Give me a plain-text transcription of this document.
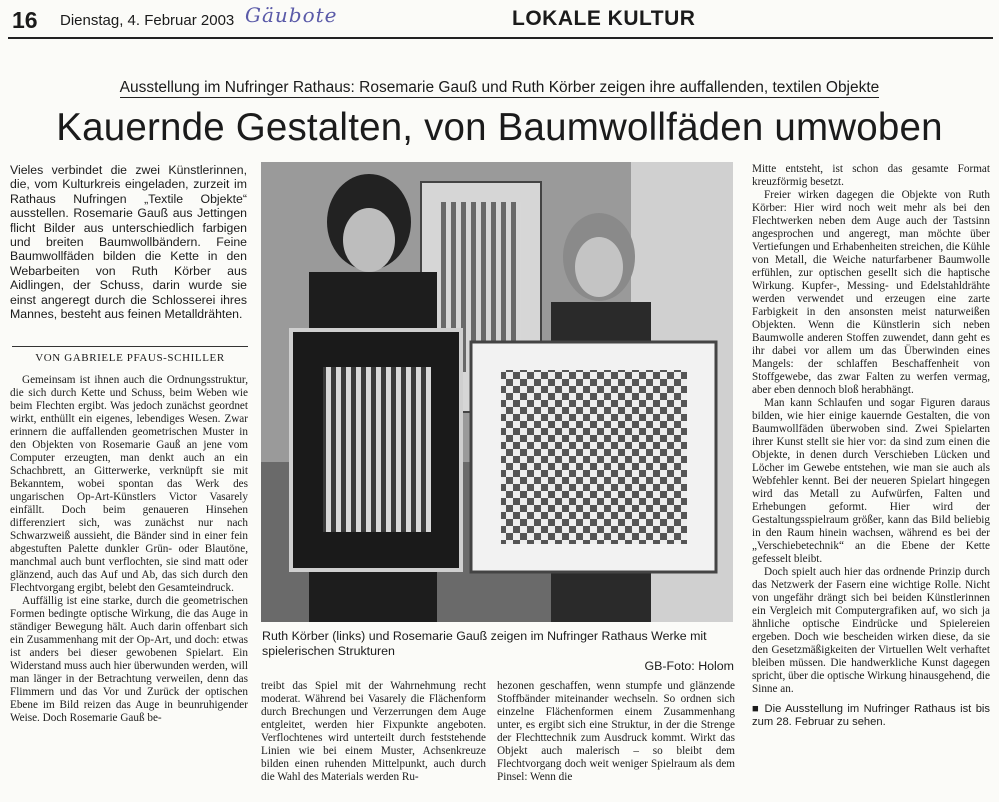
16 Dienstag, 4. Februar 2003 Gäubote	LOKALE KULTUR
Ausstellung im Nufringer Rathaus: Rosemarie Gauß und Ruth Körber zeigen ihre auffallenden, textilen Objekte
Kauernde Gestalten, von Baumwollfäden umwoben
Vieles verbindet die zwei Künstlerinnen, die, vom Kulturkreis eingeladen, zurzeit im Rathaus Nufringen „Textile Objekte“ ausstellen. Rosemarie Gauß aus Jettingen flicht Bilder aus unterschiedlich farbigen und breiten Baumwollbändern. Feine Baumwollfäden bilden die Kette in den Webarbeiten von Ruth Körber aus Aidlingen, der Schuss, darin wurde sie einst angeregt durch die Schlosserei ihres Mannes, besteht aus feinen Metalldrähten.
VON GABRIELE PFAUS-SCHILLER

Gemeinsam ist ihnen auch die Ordnungsstruktur, die sich durch Kette und Schuss, beim Weben wie beim Flechten ergibt. Was jedoch zunächst geordnet wirkt, enthüllt ein eigenes, lebendiges Wesen. Zwar erinnern die auffallenden geometrischen Muster in den Objekten von Rosemarie Gauß an jene vom Computer erzeugten, man denkt auch an ein Schachbrett, an Gitterwerke, verknüpft sie mit Bekanntem, wobei spontan das Werk des ungarischen Op-Art-Künstlers Victor Vasarely einfällt. Doch beim genaueren Hinsehen differenziert sich, was zunächst nur nach Schwarzweiß aussieht, die Bänder sind in einer fein abgestuften Palette dunkler Grün- oder Blautöne, manchmal auch bunt verflochten, sie sind matt oder glänzend, auch das Auf und Ab, das sich durch den Flechtvorgang ergibt, belebt den Gesamteindruck.

Auffällig ist eine starke, durch die geometrischen Formen bedingte optische Wirkung, die das Auge in ständiger Bewegung hält. Auch darin offenbart sich ein Zusammenhang mit der Op-Art, und doch: etwas ist anders bei dieser gewobenen Spielart. Ein Widerstand muss auch hier überwunden werden, will man länger in der Betrachtung verweilen, denn das Flimmern und das Vor und Zurück der optischen Ebene im Bild reizen das Auge in beunruhigender Weise. Doch Rosemarie Gauß be-

Ruth Körber (links) und Rosemarie Gauß zeigen im Nufringer Rathaus Werke mit spielerischen Strukturen
GB-Foto: Holom

treibt das Spiel mit der Wahrnehmung recht moderat. Während bei Vasarely die Flächenform durch Brechungen und Verzerrungen dem Auge entgleitet, werden hier Fixpunkte angeboten. Verflochtenes wird unterteilt durch feststehende Linien wie bei einem Muster, Achsenkreuze bilden einen ruhenden Mittelpunkt, auch durch die Wahl des Materials werden Ru-

hezonen geschaffen, wenn stumpfe und glänzende Stoffbänder miteinander wechseln. So ordnen sich einzelne Flächenformen einem Zusammenhang unter, es ergibt sich eine Struktur, in der die Strenge der Flechttechnik zum Ausdruck kommt. Wirkt das Objekt auch malerisch – so bleibt dem Flechtvorgang doch weit weniger Spielraum als dem Pinsel: Wenn die

Mitte entsteht, ist schon das gesamte Format kreuzförmig besetzt.

Freier wirken dagegen die Objekte von Ruth Körber: Hier wird noch weit mehr als bei den Flechtwerken neben dem Auge auch der Tastsinn angesprochen und angeregt, man möchte über Vertiefungen und Erhabenheiten streichen, die Kühle von Metall, die Weiche naturfarbener Baumwolle erfühlen, zur optischen gesellt sich die haptische Wirkung. Kupfer-, Messing- und Edelstahldrähte werden verwendet und erzeugen eine zarte Farbigkeit in den ansonsten meist naturweißen Objekten. Wenn die Künstlerin sich neben Baumwolle anderen Stoffen zuwendet, dann geht es ihr dabei vor allem um das Überwinden eines Mangels: der schlaffen Beschaffenheit von Stoffgewebe, das zwar Falten zu werfen vermag, aber eben dennoch bloß herabhängt.

Man kann Schlaufen und sogar Figuren daraus bilden, wie hier einige kauernde Gestalten, die von Baumwollfäden überwoben sind. Zwei Spielarten ihrer Kunst stellt sie hier vor: da sind zum einen die Objekte, in denen durch Verschieben Lücken und Löcher im Gewebe entstehen, wie man sie auch als Webfehler kennt. Bei der neueren Spielart hingegen wird das Metall zu Aufwürfen, Falten und Erhebungen geformt. Hier wird der Gestaltungsspielraum größer, kann das Bild beliebig in den Raum hinein wachsen, während es bei der „Verschiebetechnik“ an die Ebene der Kette gefesselt bleibt.

Doch spielt auch hier das ordnende Prinzip durch das Netzwerk der Fasern eine wichtige Rolle. Nicht von ungefähr drängt sich bei beiden Künstlerinnen ein Vergleich mit Computergrafiken auf, wo sich ja ähnliche optische Eindrücke und Spielereien ergeben. Doch wie bescheiden wirken diese, da sie den Gesetzmäßigkeiten der Virtuellen Welt verhaftet bleiben müssen. Die handwerkliche Kunst dagegen spricht, über die optische Wirkung hinausgehend, die Sinne an.

■ Die Ausstellung im Nufringer Rathaus ist bis zum 28. Februar zu sehen.
